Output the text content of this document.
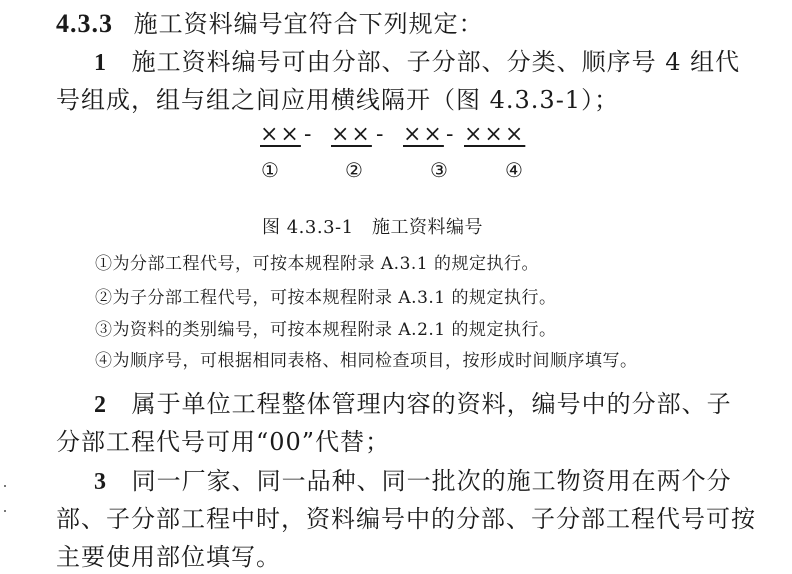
4.3.3 施工资料编号宜符合下列规定：
1 施工资料编号可由分部、子分部、分类、顺序号 4 组代
号组成，组与组之间应用横线隔开（图 4.3.3-1）；
×× - ×× - ×× - ×××
①	②	③	④
图 4.3.3-1　施工资料编号
①为分部工程代号，可按本规程附录 A.3.1 的规定执行。
②为子分部工程代号，可按本规程附录 A.3.1 的规定执行。
③为资料的类别编号，可按本规程附录 A.2.1 的规定执行。
④为顺序号，可根据相同表格、相同检查项目，按形成时间顺序填写。
2 属于单位工程整体管理内容的资料，编号中的分部、子
分部工程代号可用“00”代替；
3 同一厂家、同一品种、同一批次的施工物资用在两个分
部、子分部工程中时，资料编号中的分部、子分部工程代号可按
主要使用部位填写。
